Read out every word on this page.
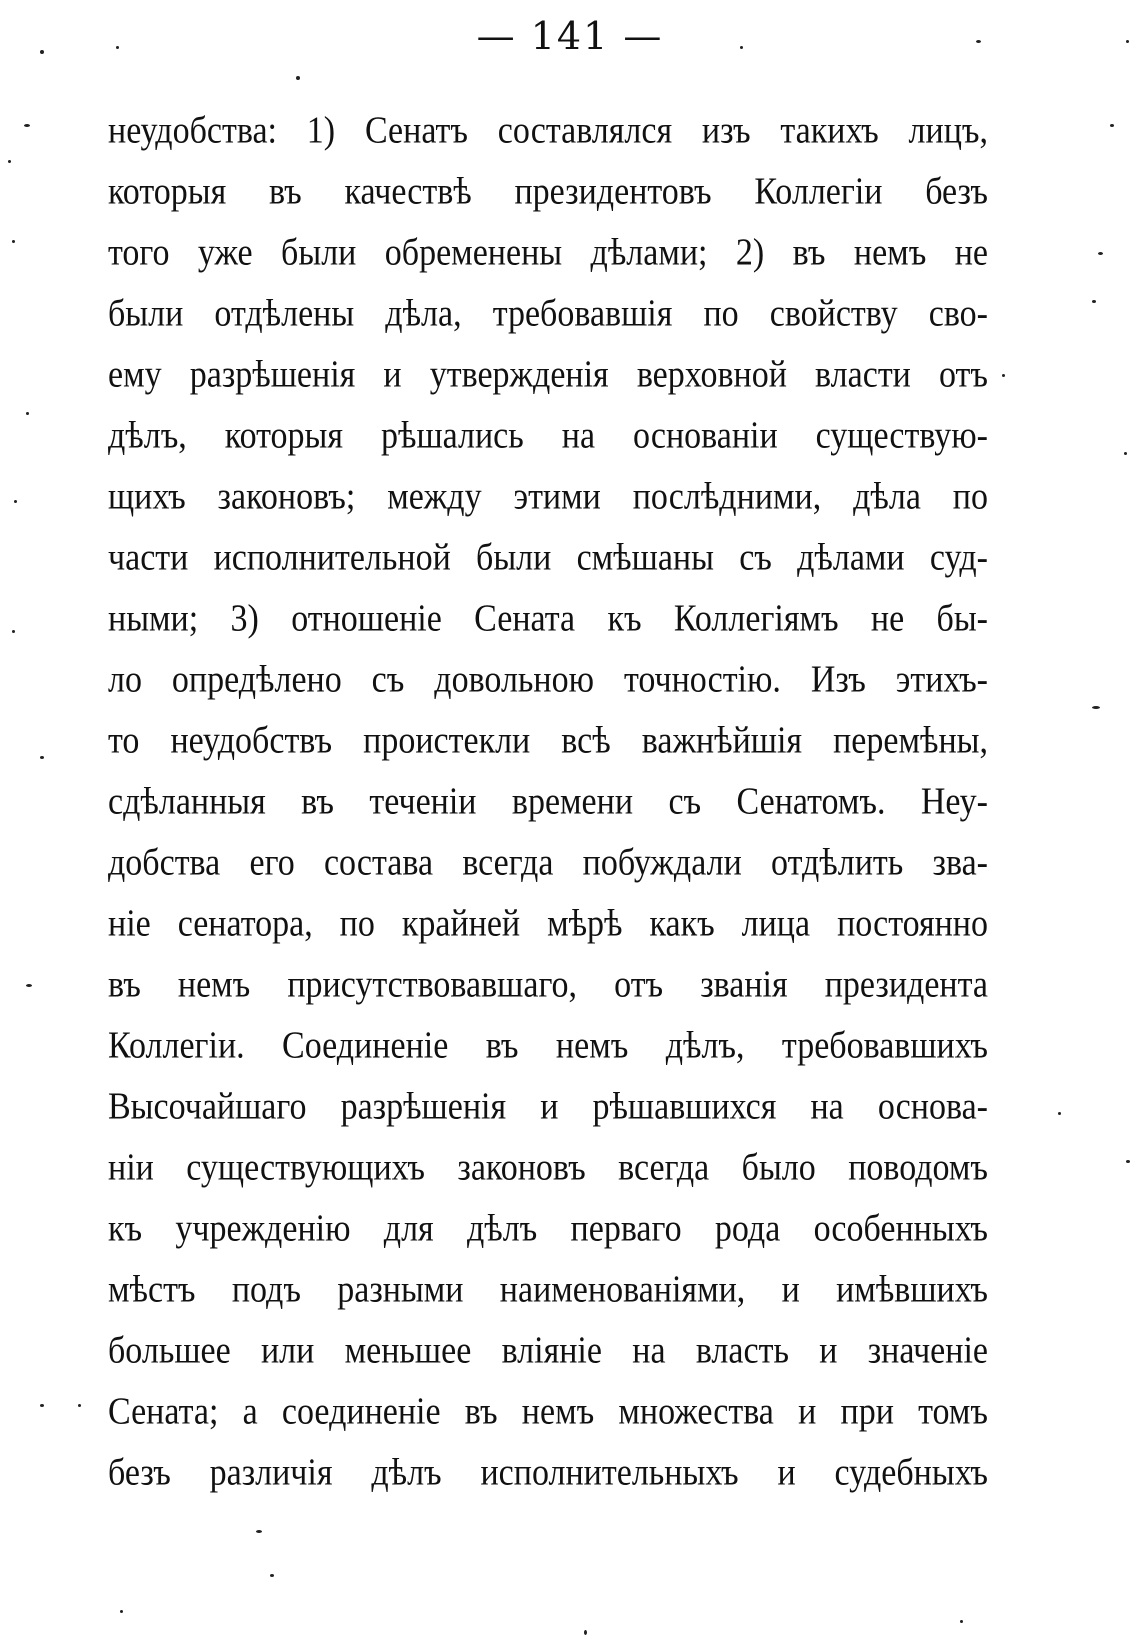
— 141 —
неудобства: 1) Сенатъ составлялся изъ такихъ лицъ,
которыя въ качествѣ президентовъ Коллегіи безъ
того уже были обременены дѣлами; 2) въ немъ не
были отдѣлены дѣла, требовавшія по свойству сво-
ему разрѣшенія и утвержденія верховной власти отъ
дѣлъ, которыя рѣшались на основаніи существую-
щихъ законовъ; между этими послѣдними, дѣла по
части исполнительной были смѣшаны съ дѣлами суд-
ными; 3) отношеніе Сената къ Коллегіямъ не бы-
ло опредѣлено съ довольною точностію. Изъ этихъ-
то неудобствъ проистекли всѣ важнѣйшія перемѣны,
сдѣланныя въ теченіи времени съ Сенатомъ. Неу-
добства его состава всегда побуждали отдѣлить зва-
ніе сенатора, по крайней мѣрѣ какъ лица постоянно
въ немъ присутствовавшаго, отъ званія президента
Коллегіи. Соединеніе въ немъ дѣлъ, требовавшихъ
Высочайшаго разрѣшенія и рѣшавшихся на основа-
ніи существующихъ законовъ всегда было поводомъ
къ учрежденію для дѣлъ перваго рода особенныхъ
мѣстъ подъ разными наименованіями, и имѣвшихъ
большее или меньшее вліяніе на власть и значеніе
Сената; а соединеніе въ немъ множества и при томъ
безъ различія дѣлъ исполнительныхъ и судебныхъ
